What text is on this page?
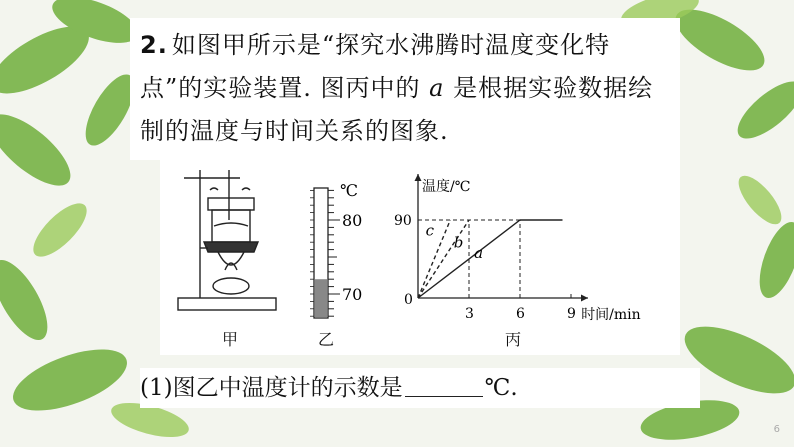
2. 如图甲所示是“探究水沸腾时温度变化特点”的实验装置. 图丙中的 a 是根据实验数据绘制的温度与时间关系的图象.
℃
80
70
温度/℃
时间/min
0
3	6	9
90
a
b
c
甲	乙	丙
(1)图乙中温度计的示数是	℃.
6
